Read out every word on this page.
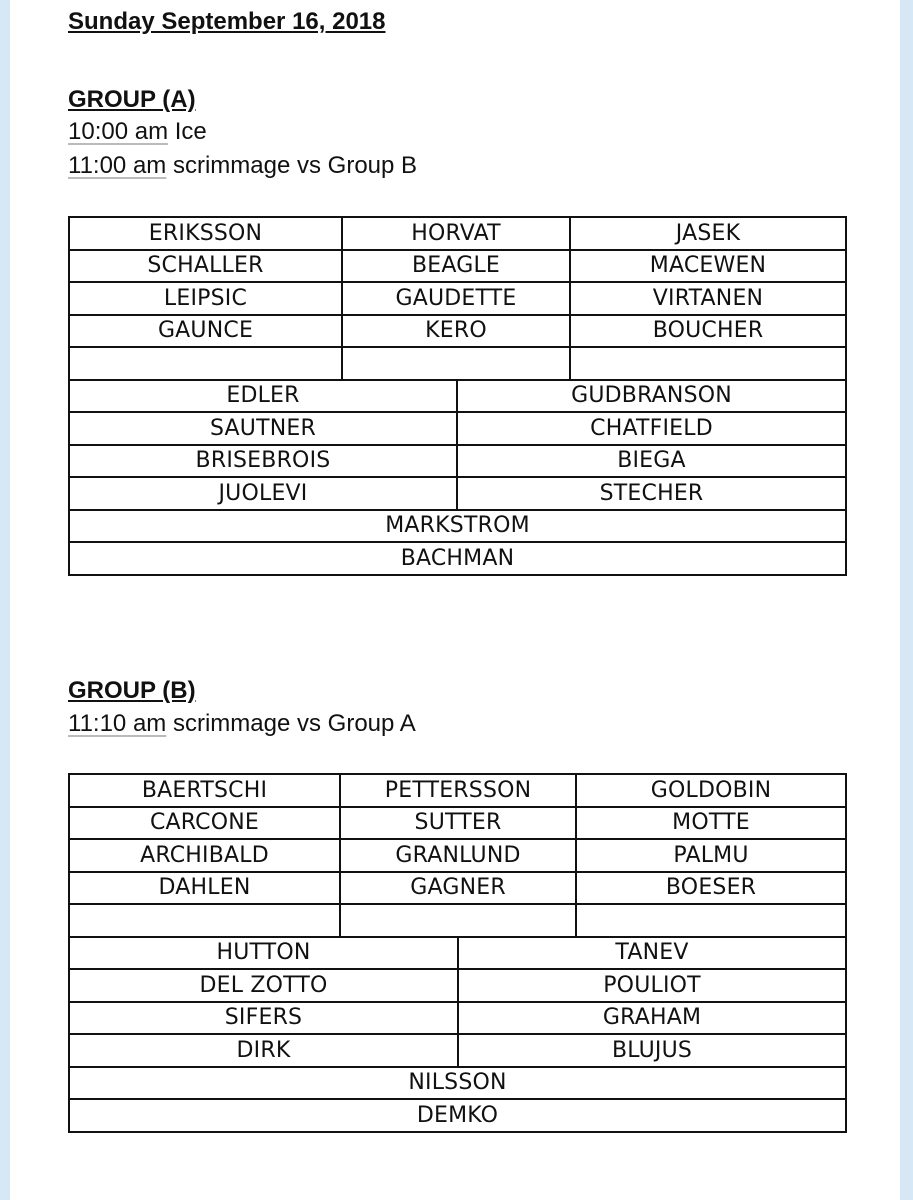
Sunday September 16, 2018
GROUP (A)
10:00 am Ice
11:00 am scrimmage vs Group B
ERIKSSON	HORVAT		JASEK
SCHALLER	BEAGLE		MACEWEN
LEIPSIC	GAUDETTE		VIRTANEN
GAUNCE	KERO		BOUCHER

EDLER		GUDBRANSON	
SAUTNER		CHATFIELD	
BRISEBROIS		BIEGA	
JUOLEVI		STECHER	
MARKSTROM			
BACHMAN			
GROUP (B)
11:10 am scrimmage vs Group A
BAERTSCHI	PETTERSSON		GOLDOBIN
CARCONE	SUTTER		MOTTE
ARCHIBALD	GRANLUND		PALMU
DAHLEN	GAGNER		BOESER

HUTTON		TANEV	
DEL ZOTTO		POULIOT	
SIFERS		GRAHAM	
DIRK		BLUJUS	
NILSSON			
DEMKO			
